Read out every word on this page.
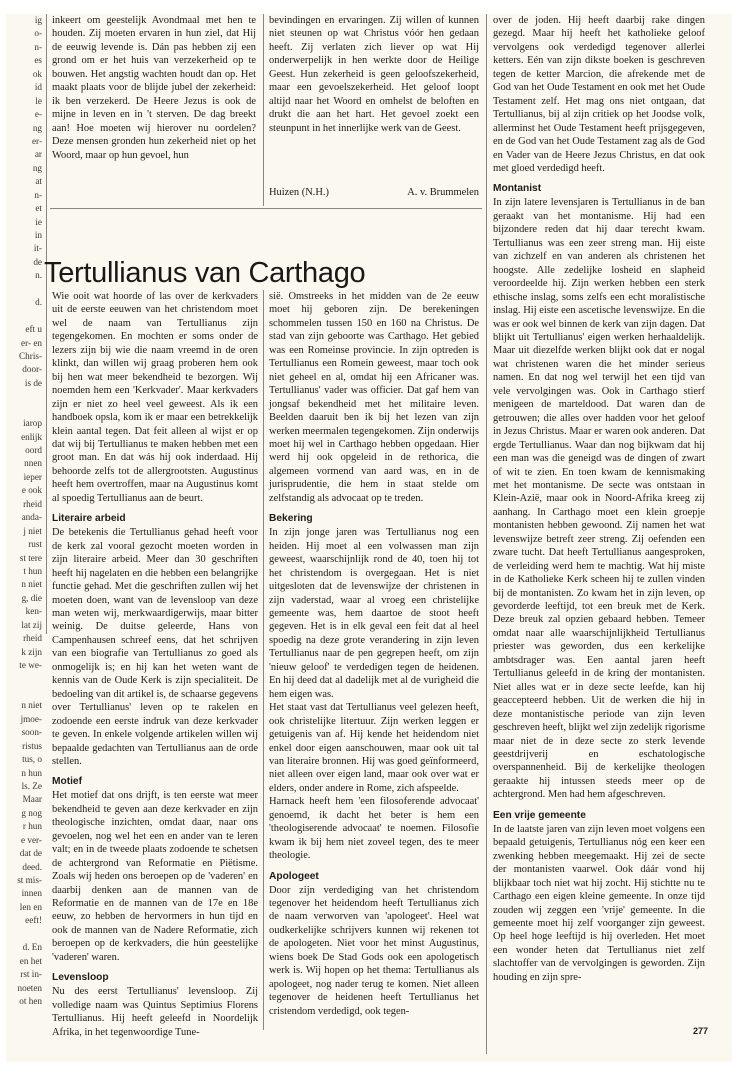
ig
o-
n-
es
ok
id
le
e-
ng
er-
ar
ng
at
n-
et
ie
in
it-
de
n.
d.
eft u
er- en
Chris-
door-
is de
iarop
enlijk
oord
nnen
ieper
e ook
rheid
anda-
j niet
rust
st tere
t hun
n niet
g, die
ken-
lat zij
rheid
k zijn
te we-
n niet
jmoe-
soon-
ristus
tus, o
n hun
ls. Ze
Maar
g nog
r hun
e ver-
dat de
deed.
st mis-
innen
len en
eeft!
d. En
en het
rst in-
noeten
ot hen

inkeert om geestelijk Avondmaal met hen te houden. Zij moeten ervaren in hun ziel, dat Hij de eeuwig levende is. Dán pas hebben zij een grond om er het huis van verzekerheid op te bouwen. Het angstig wachten houdt dan op. Het maakt plaats voor de blijde jubel der zekerheid: ik ben verzekerd. De Heere Jezus is ook de mijne in leven en in 't sterven. De dag breekt aan! Hoe moeten wij hierover nu oordelen? Deze mensen gronden hun zekerheid niet op het Woord, maar op hun gevoel, hun

bevindingen en ervaringen. Zij willen of kunnen niet steunen op wat Christus vóór hen gedaan heeft. Zij verlaten zich liever op wat Hij onderwerpelijk in hen werkte door de Heilige Geest. Hun zekerheid is geen geloofszekerheid, maar een gevoelszekerheid. Het geloof loopt altijd naar het Woord en omhelst de beloften en drukt die aan het hart. Het gevoel zoekt een steunpunt in het innerlijke werk van de Geest.

Huizen (N.H.)	A. v. Brummelen
Tertullianus van Carthago

Wie ooit wat hoorde of las over de kerkvaders uit de eerste eeuwen van het christendom moet wel de naam van Tertullianus zijn tegengekomen. En mochten er soms onder de lezers zijn bij wie die naam vreemd in de oren klinkt, dan willen wij graag proberen hem ook bij hen wat meer bekendheid te bezorgen. Wij noemden hem een 'Kerkvader'. Maar kerkvaders zijn er niet zo heel veel geweest. Als ik een handboek opsla, kom ik er maar een betrekkelijk klein aantal tegen. Dat feit alleen al wijst er op dat wij bij Tertullianus te maken hebben met een groot man. En dat wás hij ook inderdaad. Hij behoorde zelfs tot de allergrootsten. Augustinus heeft hem overtroffen, maar na Augustinus komt al spoedig Tertullianus aan de beurt.

Literaire arbeid

De betekenis die Tertullianus gehad heeft voor de kerk zal vooral gezocht moeten worden in zijn literaire arbeid. Meer dan 30 geschriften heeft hij nagelaten en die hebben een belangrijke functie gehad. Met die geschriften zullen wij het moeten doen, want van de levensloop van deze man weten wij, merkwaardigerwijs, maar bitter weinig. De duitse geleerde, Hans von Campenhausen schreef eens, dat het schrijven van een biografie van Tertullianus zo goed als onmogelijk is; en hij kan het weten want de kennis van de Oude Kerk is zijn specialiteit. De bedoeling van dit artikel is, de schaarse gegevens over Tertullianus' leven op te rakelen en zodoende een eerste indruk van deze kerkvader te geven. In enkele volgende artikelen willen wij bepaalde gedachten van Tertullianus aan de orde stellen.

Motief

Het motief dat ons drijft, is ten eerste wat meer bekendheid te geven aan deze kerkvader en zijn theologische inzichten, omdat daar, naar ons gevoelen, nog wel het een en ander van te leren valt; en in de tweede plaats zodoende te schetsen de achtergrond van Reformatie en Piëtisme. Zoals wij heden ons beroepen op de 'vaderen' en daarbij denken aan de mannen van de Reformatie en de mannen van de 17e en 18e eeuw, zo hebben de hervormers in hun tijd en ook de mannen van de Nadere Reformatie, zich beroepen op de kerkvaders, die hún geestelijke 'vaderen' waren.

Levensloop

Nu des eerst Tertullianus' levensloop. Zij volledige naam was Quintus Septimius Florens Tertullianus. Hij heeft geleefd in Noordelijk Afrika, in het tegenwoordige Tune-

sië. Omstreeks in het midden van de 2e eeuw moet hij geboren zijn. De berekeningen schommelen tussen 150 en 160 na Christus. De stad van zijn geboorte was Carthago. Het gebied was een Romeinse provincie. In zijn optreden is Tertullianus een Romein geweest, maar toch ook niet geheel en al, omdat hij een Africaner was. Tertullianus' vader was officier. Dat gaf hem van jongsaf bekendheid met het militaire leven. Beelden daaruit ben ik bij het lezen van zijn werken meermalen tegengekomen. Zijn onderwijs moet hij wel in Carthago hebben opgedaan. Hier werd hij ook opgeleid in de rethorica, die algemeen vormend van aard was, en in de jurisprudentie, die hem in staat stelde om zelfstandig als advocaat op te treden.

Bekering

In zijn jonge jaren was Tertullianus nog een heiden. Hij moet al een volwassen man zijn geweest, waarschijnlijk rond de 40, toen hij tot het christendom is overgegaan. Het is niet uitgesloten dat de levenswijze der christenen in zijn vaderstad, waar al vroeg een christelijke gemeente was, hem daartoe de stoot heeft gegeven. Het is in elk geval een feit dat al heel spoedig na deze grote verandering in zijn leven Tertullianus naar de pen gegrepen heeft, om zijn 'nieuw geloof' te verdedigen tegen de heidenen. En hij deed dat al dadelijk met al de vurigheid die hem eigen was.

Het staat vast dat Tertullianus veel gelezen heeft, ook christelijke litertuur. Zijn werken leggen er getuigenis van af. Hij kende het heidendom niet enkel door eigen aanschouwen, maar ook uit tal van literaire bronnen. Hij was goed geïnformeerd, niet alleen over eigen land, maar ook over wat er elders, onder andere in Rome, zich afspeelde.

Harnack heeft hem 'een filosoferende advocaat' genoemd, ik dacht het beter is hem een 'theologiserende advocaat' te noemen. Filosofie kwam ik bij hem niet zoveel tegen, des te meer theologie.

Apologeet

Door zijn verdediging van het christendom tegenover het heidendom heeft Tertullianus zich de naam verworven van 'apologeet'. Heel wat oudkerkelijke schrijvers kunnen wij rekenen tot de apologeten. Niet voor het minst Augustinus, wiens boek De Stad Gods ook een apologetisch werk is. Wij hopen op het thema: Tertullianus als apologeet, nog nader terug te komen. Niet alleen tegenover de heidenen heeft Tertullianus het cristendom verdedigd, ook tegen-

over de joden. Hij heeft daarbij rake dingen gezegd. Maar hij heeft het katholieke geloof vervolgens ook verdedigd tegenover allerlei ketters. Eén van zijn dikste boeken is geschreven tegen de ketter Marcion, die afrekende met de God van het Oude Testament en ook met het Oude Testament zelf. Het mag ons niet ontgaan, dat Tertullianus, bij al zijn critiek op het Joodse volk, allerminst het Oude Testament heeft prijsgegeven, en de God van het Oude Testament zag als de God en Vader van de Heere Jezus Christus, en dat ook met gloed verdedigd heeft.

Montanist

In zijn latere levensjaren is Tertullianus in de ban geraakt van het montanisme. Hij had een bijzondere reden dat hij daar terecht kwam. Tertullianus was een zeer streng man. Hij eiste van zichzelf en van anderen als christenen het hoogste. Alle zedelijke losheid en slapheid veroordeelde hij. Zijn werken hebben een sterk ethische inslag, soms zelfs een echt moralistische inslag. Hij eiste een ascetische levenswijze. En die was er ook wel binnen de kerk van zijn dagen. Dat blijkt uit Tertullianus' eigen werken herhaaldelijk. Maar uit diezelfde werken blijkt ook dat er nogal wat christenen waren die het minder serieus namen. En dat nog wel terwijl het een tijd van vele vervolgingen was. Ook in Carthago stierf menigeen de marteldood. Dat waren dan de getrouwen; die alles over hadden voor het geloof in Jezus Christus. Maar er waren ook anderen. Dat ergde Tertullianus. Waar dan nog bijkwam dat hij een man was die geneigd was de dingen of zwart of wit te zien. En toen kwam de kennismaking met het montanisme. De secte was ontstaan in Klein-Azië, maar ook in Noord-Afrika kreeg zij aanhang. In Carthago moet een klein groepje montanisten hebben gewoond. Zij namen het wat levenswijze betreft zeer streng. Zij oefenden een zware tucht. Dat heeft Tertullianus aangesproken, de verleiding werd hem te machtig. Wat hij miste in de Katholieke Kerk scheen hij te zullen vinden bij de montanisten. Zo kwam het in zijn leven, op gevorderde leeftijd, tot een breuk met de Kerk. Deze breuk zal opzien gebaard hebben. Temeer omdat naar alle waarschijnlijkheid Tertullianus priester was geworden, dus een kerkelijke ambtsdrager was. Een aantal jaren heeft Tertullianus geleefd in de kring der montanisten. Niet alles wat er in deze secte leefde, kan hij geaccepteerd hebben. Uit de werken die hij in deze montanistische periode van zijn leven geschreven heeft, blijkt wel zijn zedelijk rigorisme maar niet de in deze secte zo sterk levende geestdrijverij en eschatologische overspannenheid. Bij de kerkelijke theologen geraakte hij intussen steeds meer op de achtergrond. Men had hem afgeschreven.

Een vrije gemeente

In de laatste jaren van zijn leven moet volgens een bepaald getuigenis, Tertullianus nóg een keer een zwenking hebben meegemaakt. Hij zei de secte der montanisten vaarwel. Ook dáár vond hij blijkbaar toch niet wat hij zocht. Hij stichtte nu te Carthago een eigen kleine gemeente. In onze tijd zouden wij zeggen een 'vrije' gemeente. In die gemeente moet hij zelf voorganger zijn geweest. Op heel hoge leeftijd is hij overleden. Het moet een wonder heten dat Tertullianus niet zelf slachtoffer van de vervolgingen is geworden. Zijn houding en zijn spre-

277
